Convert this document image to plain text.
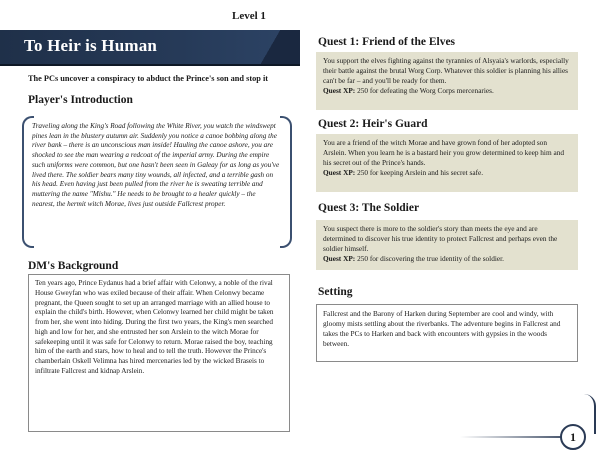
Level 1
To Heir is Human
The PCs uncover a conspiracy to abduct the Prince's son and stop it
Player's Introduction
Traveling along the King's Road following the White River, you watch the windswept pines lean in the blustery autumn air. Suddenly you notice a canoe bobbing along the river bank – there is an unconscious man inside! Hauling the canoe ashore, you are shocked to see the man wearing a redcoat of the imperial army. During the empire such uniforms were common, but one hasn't been seen in Galeay for as long as you've lived there. The soldier bears many tiny wounds, all infected, and a terrible gash on his head. Even having just been pulled from the river he is sweating terrible and muttering the name "Mishu." He needs to be brought to a healer quickly – the nearest, the hermit witch Morae, lives just outside Fallcrest proper.
DM's Background
Ten years ago, Prince Eydanus had a brief affair with Celonwy, a noble of the rival House Gweyfan who was exiled because of their affair. When Celonwy became pregnant, the Queen sought to set up an arranged marriage with an allied house to explain the child's birth. However, when Celonwy learned her child might be taken from her, she went into hiding. During the first two years, the King's men searched high and low for her, and she entrusted her son Arslein to the witch Morae for safekeeping until it was safe for Celonwy to return. Morae raised the boy, teaching him of the earth and stars, how to heal and to tell the truth. However the Prince's chamberlain Oskell Velimna has hired mercenaries led by the wicked Braseis to infiltrate Fallcrest and kidnap Arslein.
Quest 1: Friend of the Elves
You support the elves fighting against the tyrannies of Alsyaia's warlords, especially their battle against the brutal Worg Corp. Whatever this soldier is planning his allies can't be far – and you'll be ready for them.
Quest XP: 250 for defeating the Worg Corps mercenaries.
Quest 2: Heir's Guard
You are a friend of the witch Morae and have grown fond of her adopted son Arslein. When you learn he is a bastard heir you grow determined to keep him and his secret out of the Prince's hands.
Quest XP: 250 for keeping Arslein and his secret safe.
Quest 3: The Soldier
You suspect there is more to the soldier's story than meets the eye and are determined to discover his true identity to protect Fallcrest and perhaps even the soldier himself.
Quest XP: 250 for discovering the true identity of the soldier.
Setting
Fallcrest and the Barony of Harken during September are cool and windy, with gloomy mists settling about the riverbanks. The adventure begins in Fallcrest and takes the PCs to Harken and back with encounters with gypsies in the woods between.
1
